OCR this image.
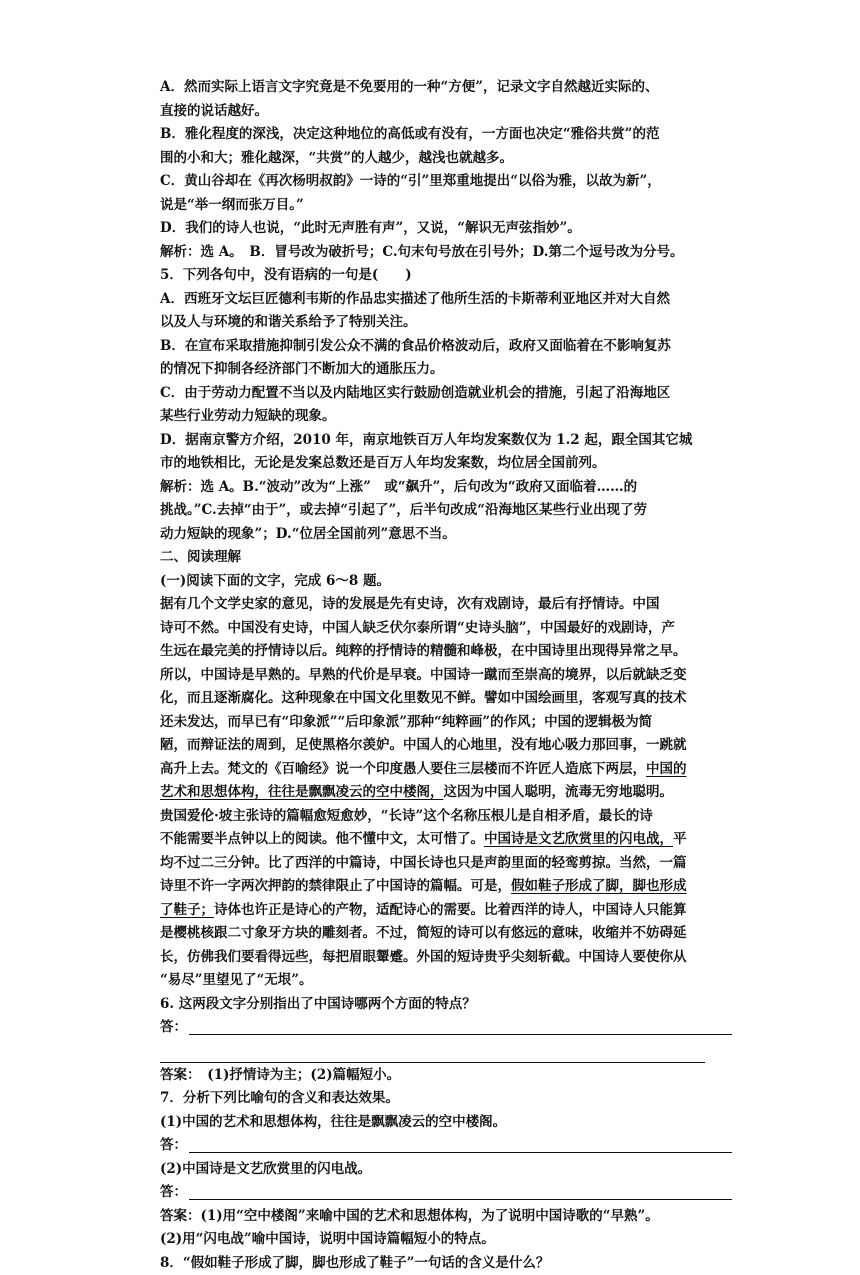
A．然而实际上语言文字究竟是不免要用的一种“方便”，记录文字自然越近实际的、
直接的说话越好。

B．雅化程度的深浅，决定这种地位的高低或有没有，一方面也决定“雅俗共赏”的范
围的小和大；雅化越深，“共赏”的人越少，越浅也就越多。

C．黄山谷却在《再次杨明叔韵》一诗的“引”里郑重地提出“以俗为雅，以故为新”，
说是“举一纲而张万目。”

D．我们的诗人也说，“此时无声胜有声”，又说，“解识无声弦指妙”。

解析：选 A。　B．冒号改为破折号；C.句末句号放在引号外；D.第二个逗号改为分号。

5．下列各句中，没有语病的一句是(　　)

A．西班牙文坛巨匠德利韦斯的作品忠实描述了他所生活的卡斯蒂利亚地区并对大自然
以及人与环境的和谐关系给予了特别关注。

B．在宣布采取措施抑制引发公众不满的食品价格波动后，政府又面临着在不影响复苏
的情况下抑制各经济部门不断加大的通胀压力。

C．由于劳动力配置不当以及内陆地区实行鼓励创造就业机会的措施，引起了沿海地区
某些行业劳动力短缺的现象。

D．据南京警方介绍，2010 年，南京地铁百万人年均发案数仅为 1.2 起，跟全国其它城
市的地铁相比，无论是发案总数还是百万人年均发案数，均位居全国前列。

解析：选 A。B.“波动”改为“上涨”　或“飙升”，后句改为“政府又面临着……的
挑战。”C.去掉“由于”，或去掉“引起了”，后半句改成“沿海地区某些行业出现了劳
动力短缺的现象”；D.“位居全国前列”意思不当。

二、阅读理解

(一)阅读下面的文字，完成 6～8 题。

据有几个文学史家的意见，诗的发展是先有史诗，次有戏剧诗，最后有抒情诗。中国
诗可不然。中国没有史诗，中国人缺乏伏尔泰所谓“史诗头脑”，中国最好的戏剧诗，产
生远在最完美的抒情诗以后。纯粹的抒情诗的精髓和峰极，在中国诗里出现得异常之早。
所以，中国诗是早熟的。早熟的代价是早衰。中国诗一蹴而至崇高的境界，以后就缺乏变
化，而且逐渐腐化。这种现象在中国文化里数见不鲜。譬如中国绘画里，客观写真的技术
还未发达，而早已有“印象派”“后印象派”那种“纯粹画”的作风；中国的逻辑极为简
陋，而辩证法的周到，足使黑格尔羡妒。中国人的心地里，没有地心吸力那回事，一跳就
高升上去。梵文的《百喻经》说一个印度愚人要住三层楼而不许匠人造底下两层，中国的
艺术和思想体构，往往是飘飘凌云的空中楼阁，这因为中国人聪明，流毒无穷地聪明。

贵国爱伦·坡主张诗的篇幅愈短愈妙，“长诗”这个名称压根儿是自相矛盾，最长的诗
不能需要半点钟以上的阅读。他不懂中文，太可惜了。中国诗是文艺欣赏里的闪电战，平
均不过二三分钟。比了西洋的中篇诗，中国长诗也只是声韵里面的轻鸾剪掠。当然，一篇
诗里不许一字两次押韵的禁律限止了中国诗的篇幅。可是，假如鞋子形成了脚，脚也形成
了鞋子；诗体也许正是诗心的产物，适配诗心的需要。比着西洋的诗人，中国诗人只能算
是樱桃核跟二寸象牙方块的雕刻者。不过，简短的诗可以有悠远的意味，收缩并不妨碍延
长，仿佛我们要看得远些，每把眉眼颦蹙。外国的短诗贵乎尖刻斩截。中国诗人要使你从
“易尽”里望见了“无垠”。

6. 这两段文字分别指出了中国诗哪两个方面的特点？

答：

答案：　(1)抒情诗为主；(2)篇幅短小。

7．分析下列比喻句的含义和表达效果。

(1)中国的艺术和思想体构，往往是飘飘凌云的空中楼阁。

答：

(2)中国诗是文艺欣赏里的闪电战。

答：

答案：(1)用“空中楼阁”来喻中国的艺术和思想体构，为了说明中国诗歌的“早熟”。
(2)用“闪电战”喻中国诗，说明中国诗篇幅短小的特点。

8．“假如鞋子形成了脚，脚也形成了鞋子”一句话的含义是什么？
